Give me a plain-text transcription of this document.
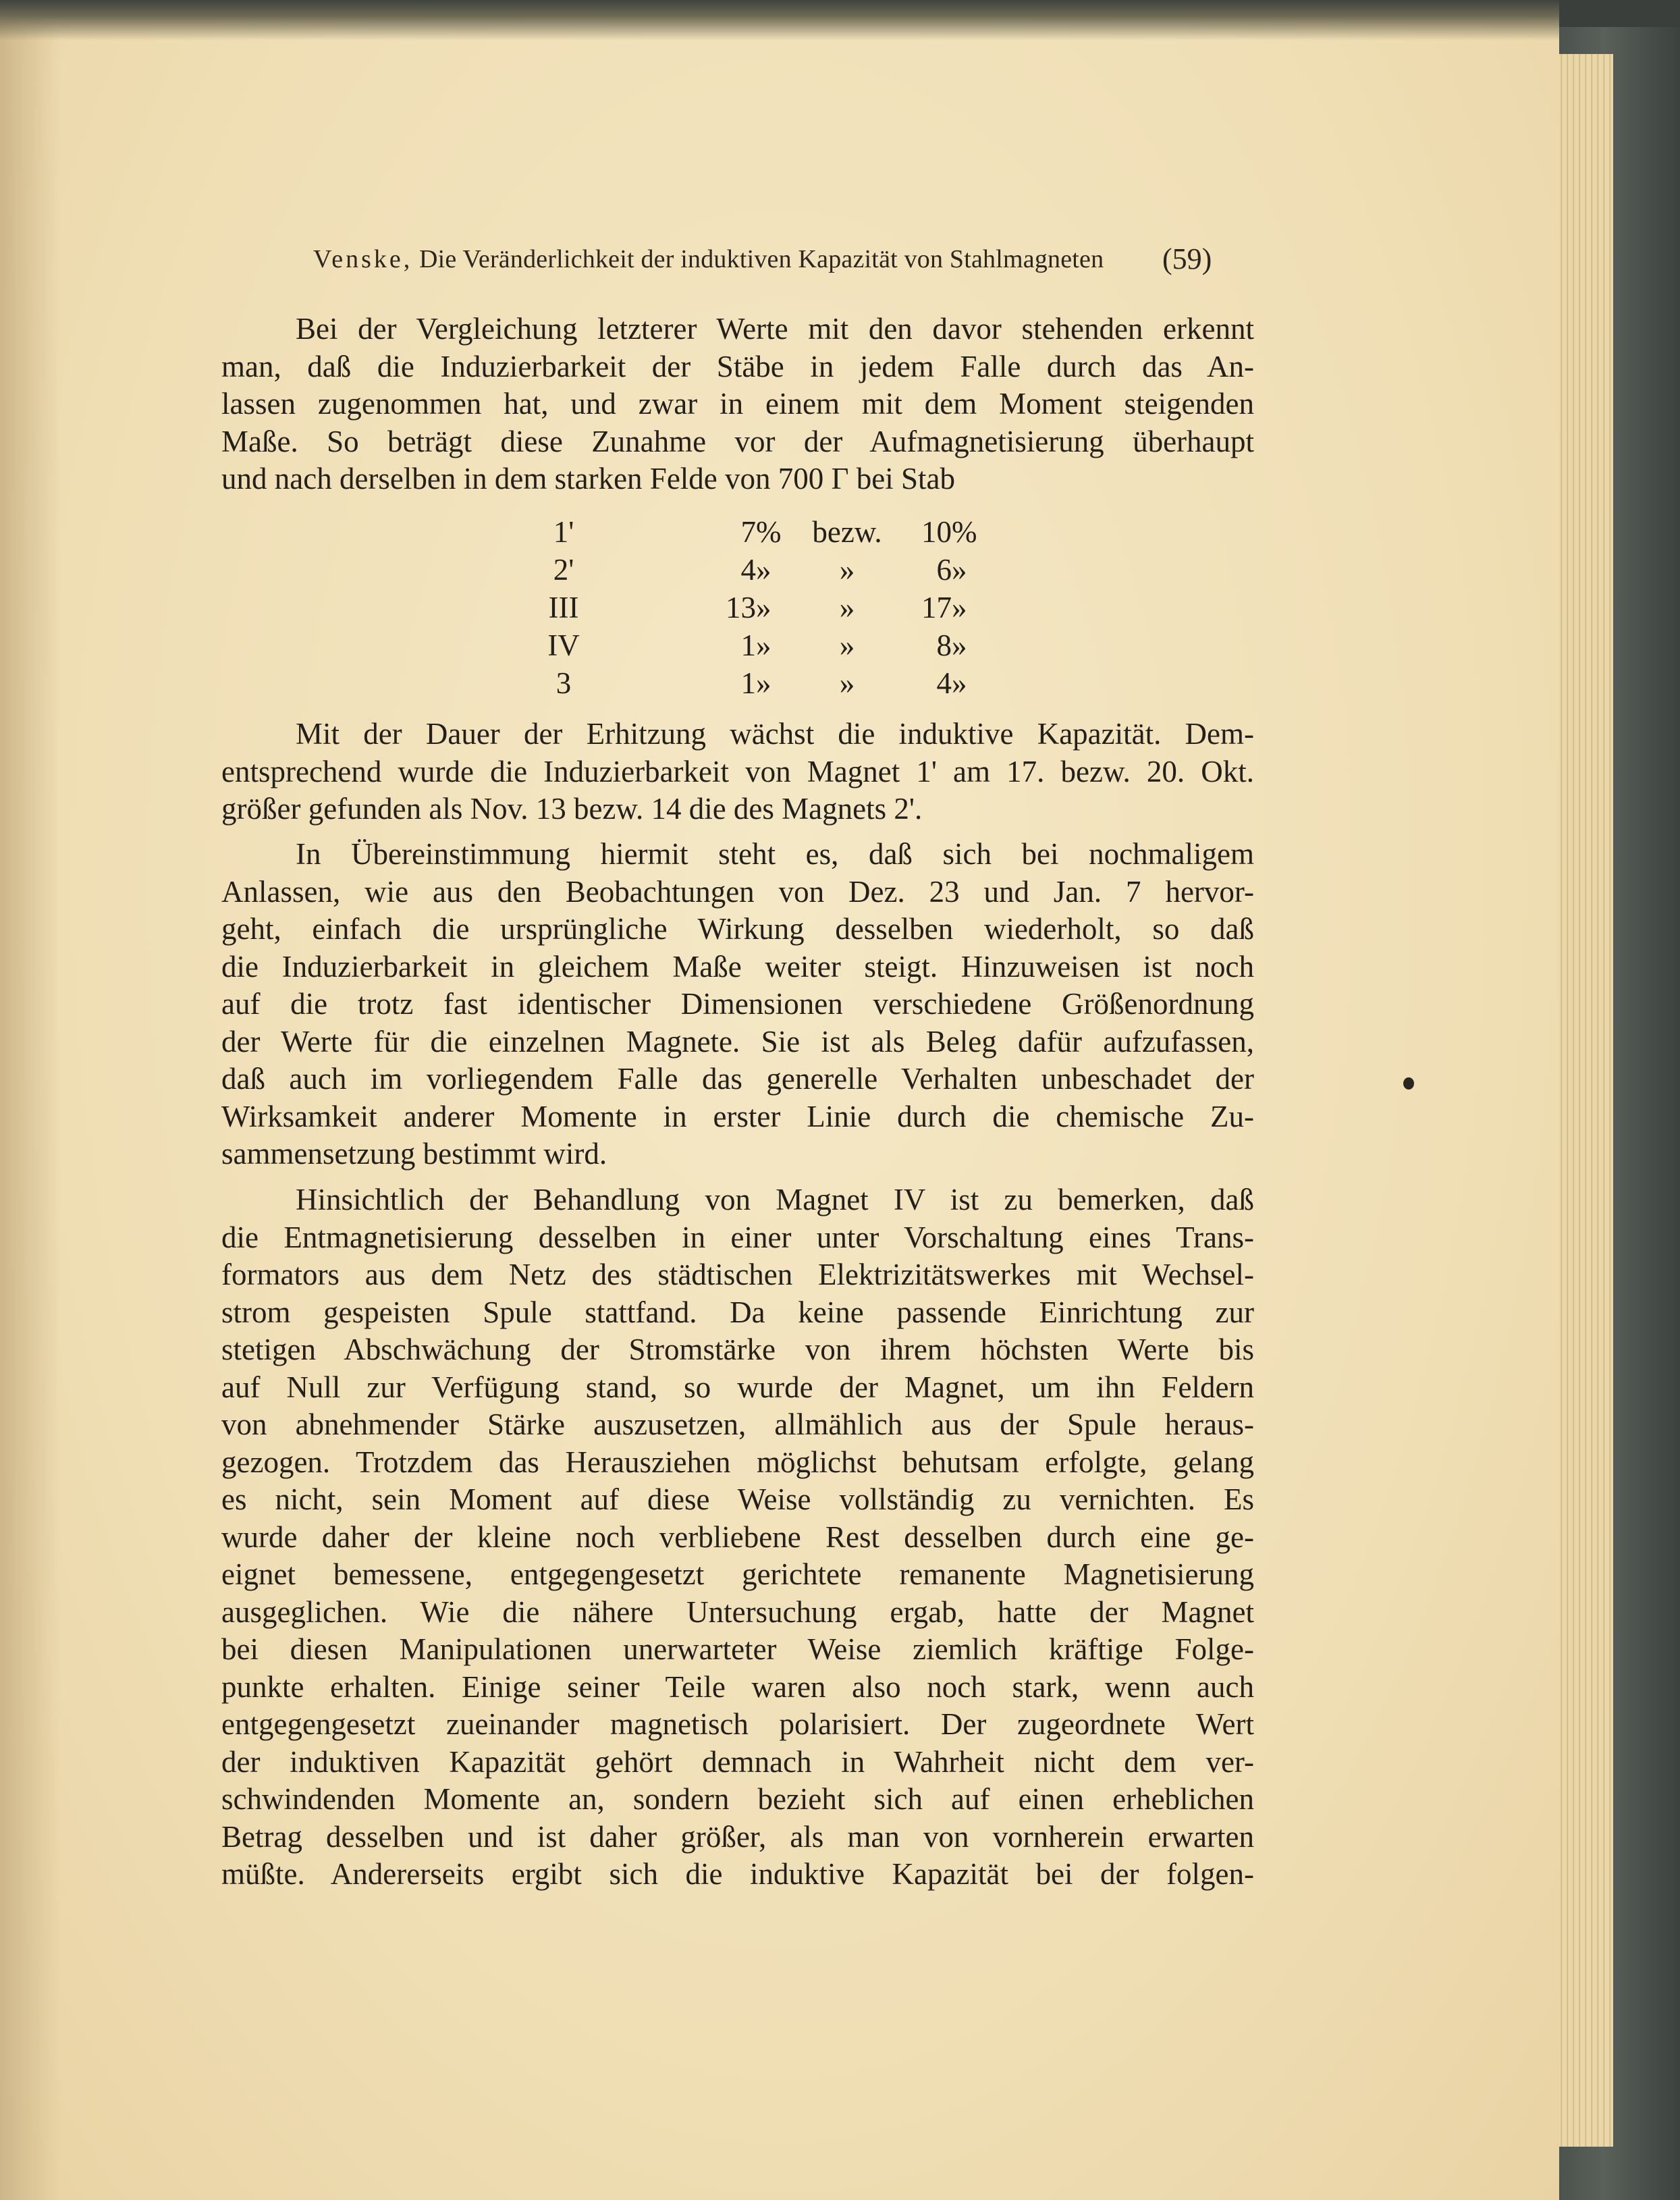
Venske, Die Veränderlichkeit der induktiven Kapazität von Stahlmagneten	(59)
Bei der Vergleichung letzterer Werte mit den davor stehenden erkennt
man, daß die Induzierbarkeit der Stäbe in jedem Falle durch das An-
lassen zugenommen hat, und zwar in einem mit dem Moment steigenden
Maße. So beträgt diese Zunahme vor der Aufmagnetisierung überhaupt
und nach derselben in dem starken Felde von 700 Γ bei Stab
1'	7	%	bezw.	10	%
2'	4	»	»	6	»
III	13	»	»	17	»
IV	1	»	»	8	»
3	1	»	»	4	»
Mit der Dauer der Erhitzung wächst die induktive Kapazität. Dem-
entsprechend wurde die Induzierbarkeit von Magnet 1' am 17. bezw. 20. Okt.
größer gefunden als Nov. 13 bezw. 14 die des Magnets 2'.
In Übereinstimmung hiermit steht es, daß sich bei nochmaligem
Anlassen, wie aus den Beobachtungen von Dez. 23 und Jan. 7 hervor-
geht, einfach die ursprüngliche Wirkung desselben wiederholt, so daß
die Induzierbarkeit in gleichem Maße weiter steigt. Hinzuweisen ist noch
auf die trotz fast identischer Dimensionen verschiedene Größenordnung
der Werte für die einzelnen Magnete. Sie ist als Beleg dafür aufzufassen,
daß auch im vorliegendem Falle das generelle Verhalten unbeschadet der
Wirksamkeit anderer Momente in erster Linie durch die chemische Zu-
sammensetzung bestimmt wird.
Hinsichtlich der Behandlung von Magnet IV ist zu bemerken, daß
die Entmagnetisierung desselben in einer unter Vorschaltung eines Trans-
formators aus dem Netz des städtischen Elektrizitätswerkes mit Wechsel-
strom gespeisten Spule stattfand. Da keine passende Einrichtung zur
stetigen Abschwächung der Stromstärke von ihrem höchsten Werte bis
auf Null zur Verfügung stand, so wurde der Magnet, um ihn Feldern
von abnehmender Stärke auszusetzen, allmählich aus der Spule heraus-
gezogen. Trotzdem das Herausziehen möglichst behutsam erfolgte, gelang
es nicht, sein Moment auf diese Weise vollständig zu vernichten. Es
wurde daher der kleine noch verbliebene Rest desselben durch eine ge-
eignet bemessene, entgegengesetzt gerichtete remanente Magnetisierung
ausgeglichen. Wie die nähere Untersuchung ergab, hatte der Magnet
bei diesen Manipulationen unerwarteter Weise ziemlich kräftige Folge-
punkte erhalten. Einige seiner Teile waren also noch stark, wenn auch
entgegengesetzt zueinander magnetisch polarisiert. Der zugeordnete Wert
der induktiven Kapazität gehört demnach in Wahrheit nicht dem ver-
schwindenden Momente an, sondern bezieht sich auf einen erheblichen
Betrag desselben und ist daher größer, als man von vornherein erwarten
müßte. Andererseits ergibt sich die induktive Kapazität bei der folgen-
